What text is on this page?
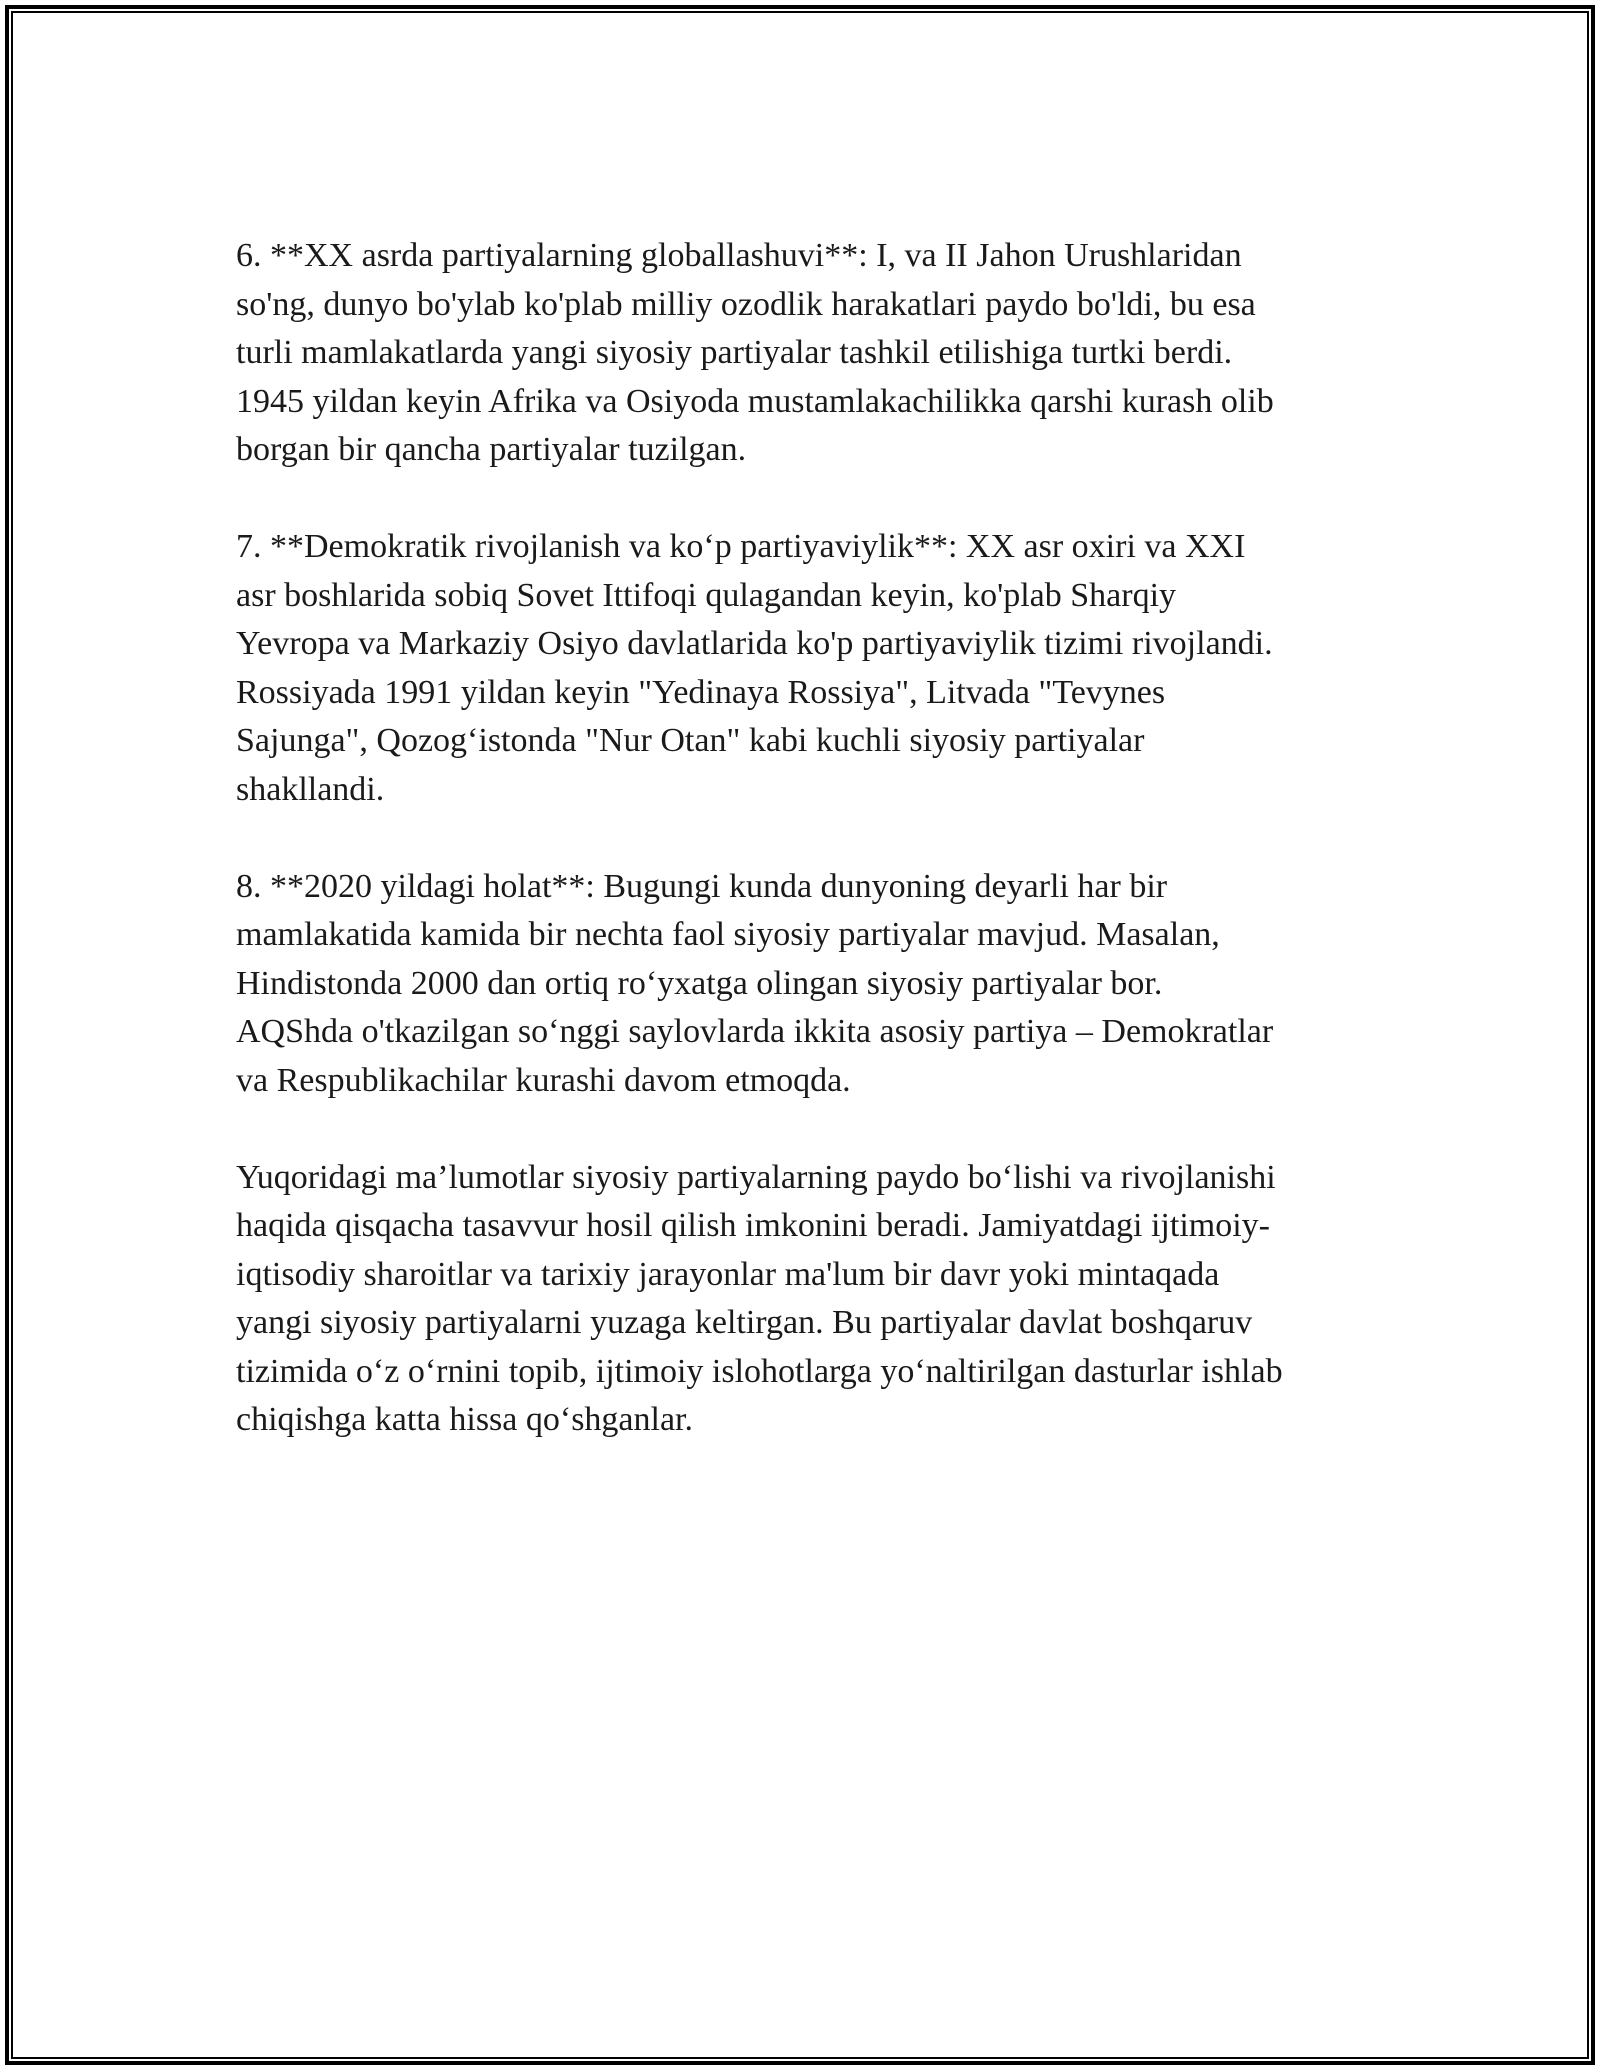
6. **XX asrda partiyalarning globallashuvi**: I, va II Jahon Urushlaridan
so'ng, dunyo bo'ylab ko'plab milliy ozodlik harakatlari paydo bo'ldi, bu esa
turli mamlakatlarda yangi siyosiy partiyalar tashkil etilishiga turtki berdi.
1945 yildan keyin Afrika va Osiyoda mustamlakachilikka qarshi kurash olib
borgan bir qancha partiyalar tuzilgan.

7. **Demokratik rivojlanish va koʻp partiyaviylik**: XX asr oxiri va XXI
asr boshlarida sobiq Sovet Ittifoqi qulagandan keyin, ko'plab Sharqiy
Yevropa va Markaziy Osiyo davlatlarida ko'p partiyaviylik tizimi rivojlandi.
Rossiyada 1991 yildan keyin "Yedinaya Rossiya", Litvada "Tevynes
Sajunga", Qozogʻistonda "Nur Otan" kabi kuchli siyosiy partiyalar
shakllandi.

8. **2020 yildagi holat**: Bugungi kunda dunyoning deyarli har bir
mamlakatida kamida bir nechta faol siyosiy partiyalar mavjud. Masalan,
Hindistonda 2000 dan ortiq roʻyxatga olingan siyosiy partiyalar bor.
AQShda o'tkazilgan soʻnggi saylovlarda ikkita asosiy partiya – Demokratlar
va Respublikachilar kurashi davom etmoqda.

Yuqoridagi ma’lumotlar siyosiy partiyalarning paydo boʻlishi va rivojlanishi
haqida qisqacha tasavvur hosil qilish imkonini beradi. Jamiyatdagi ijtimoiy-
iqtisodiy sharoitlar va tarixiy jarayonlar ma'lum bir davr yoki mintaqada
yangi siyosiy partiyalarni yuzaga keltirgan. Bu partiyalar davlat boshqaruv
tizimida oʻz oʻrnini topib, ijtimoiy islohotlarga yoʻnaltirilgan dasturlar ishlab
chiqishga katta hissa qoʻshganlar.
